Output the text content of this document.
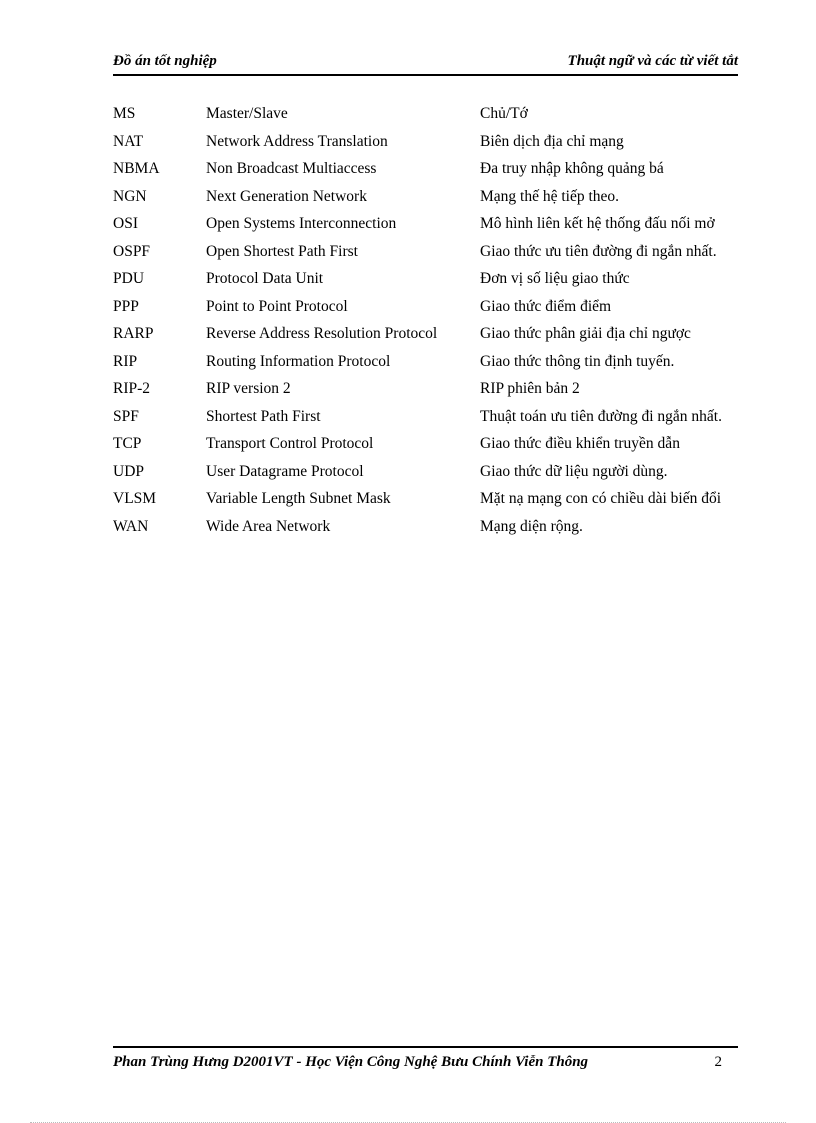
Đồ án tốt nghiệp	Thuật ngữ và các từ viết tắt
MS	Master/Slave	Chủ/Tớ
NAT	Network Address Translation	Biên dịch địa chỉ mạng
NBMA	Non Broadcast Multiaccess	Đa truy nhập không quảng bá
NGN	Next Generation Network	Mạng thế hệ tiếp theo.
OSI	Open Systems Interconnection	Mô hình liên kết hệ thống đấu nối mở
OSPF	Open Shortest Path First	Giao thức ưu tiên đường đi ngắn nhất.
PDU	Protocol Data Unit	Đơn vị số liệu giao thức
PPP	Point to Point Protocol	Giao thức điểm điểm
RARP	Reverse Address Resolution Protocol	Giao thức phân giải địa chỉ ngược
RIP	Routing Information Protocol	Giao thức thông tin định tuyến.
RIP-2	RIP version 2	RIP phiên bản 2
SPF	Shortest Path First	Thuật toán ưu tiên đường đi ngắn nhất.
TCP	Transport Control Protocol	Giao thức điều khiển truyền dẫn
UDP	User Datagrame Protocol	Giao thức dữ liệu người dùng.
VLSM	Variable Length Subnet Mask	Mặt nạ mạng con có chiều dài biến đổi
WAN	Wide Area Network	Mạng diện rộng.
Phan Trùng Hưng D2001VT - Học Viện Công Nghệ Bưu Chính Viễn Thông	2
